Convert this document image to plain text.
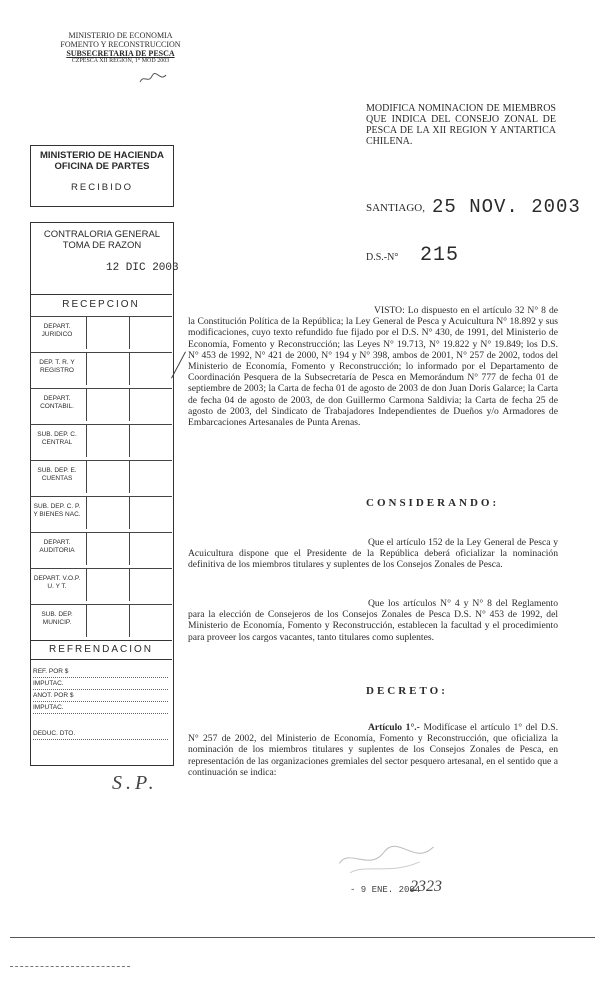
MINISTERIO DE ECONOMIA
FOMENTO Y RECONSTRUCCION
SUBSECRETARIA DE PESCA
CZPESCA XII REGION, 1° MOD 2003
MODIFICA NOMINACION DE MIEMBROS QUE INDICA DEL CONSEJO ZONAL DE PESCA DE LA XII REGION Y ANTARTICA CHILENA.
SANTIAGO, 25 NOV. 2003
D.S.-N° 215
MINISTERIO DE HACIENDA OFICINA DE PARTES
RECIBIDO
CONTRALORIA GENERAL TOMA DE RAZON
12 DIC 2003
RECEPCION
DEPART. JURIDICO
DEP. T. R. Y REGISTRO
DEPART. CONTABIL.
SUB. DEP. C. CENTRAL
SUB. DEP. E. CUENTAS
SUB. DEP. C. P. Y BIENES NAC.
DEPART. AUDITORIA
DEPART. V.O.P. U. Y T.
SUB. DEP. MUNICIP.
REFRENDACION
REF. POR $
IMPUTAC.
ANOT. POR $
IMPUTAC.
DEDUC. DTO.
S.P.
VISTO: Lo dispuesto en el artículo 32 N° 8 de la Constitución Política de la República; la Ley General de Pesca y Acuicultura N° 18.892 y sus modificaciones, cuyo texto refundido fue fijado por el D.S. N° 430, de 1991, del Ministerio de Economía, Fomento y Reconstrucción; las Leyes N° 19.713, N° 19.822 y N° 19.849; los D.S. N° 453 de 1992, N° 421 de 2000, N° 194 y N° 398, ambos de 2001, N° 257 de 2002, todos del Ministerio de Economía, Fomento y Reconstrucción; lo informado por el Departamento de Coordinación Pesquera de la Subsecretaría de Pesca en Memorándum N° 777 de fecha 01 de septiembre de 2003; la Carta de fecha 01 de agosto de 2003 de don Juan Doris Galarce; la Carta de fecha 04 de agosto de 2003, de don Guillermo Carmona Saldivia; la Carta de fecha 25 de agosto de 2003, del Sindicato de Trabajadores Independientes de Dueños y/o Armadores de Embarcaciones Artesanales de Punta Arenas.
CONSIDERANDO:
Que el artículo 152 de la Ley General de Pesca y Acuicultura dispone que el Presidente de la República deberá oficializar la nominación definitiva de los miembros titulares y suplentes de los Consejos Zonales de Pesca.
Que los artículos N° 4 y N° 8 del Reglamento para la elección de Consejeros de los Consejos Zonales de Pesca D.S. N° 453 de 1992, del Ministerio de Economía, Fomento y Reconstrucción, establecen la facultad y el procedimiento para proveer los cargos vacantes, tanto titulares como suplentes.
DECRETO:
Artículo 1°.- Modifícase el artículo 1° del D.S. N° 257 de 2002, del Ministerio de Economía, Fomento y Reconstrucción, que oficializa la nominación de los miembros titulares y suplentes de los Consejos Zonales de Pesca, en representación de las organizaciones gremiales del sector pesquero artesanal, en el sentido que a continuación se indica:
- 9 ENE. 2004
2323
